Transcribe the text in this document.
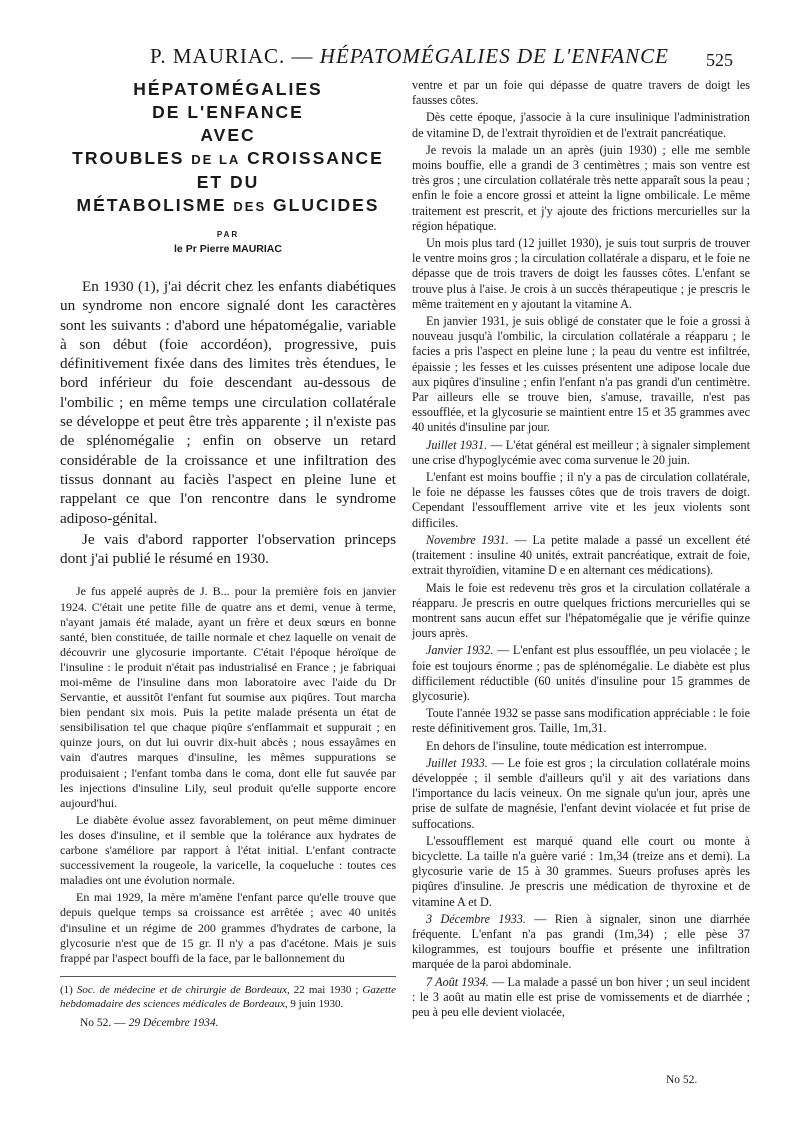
P. MAURIAC. — HÉPATOMÉGALIES DE L'ENFANCE 525
HÉPATOMÉGALIES
DE L'ENFANCE
AVEC
TROUBLES DE LA CROISSANCE
ET DU
MÉTABOLISME DES GLUCIDES
PAR
le Pr Pierre MAURIAC

En 1930 (1), j'ai décrit chez les enfants diabétiques un syndrome non encore signalé dont les caractères sont les suivants : d'abord une hépatomégalie, variable à son début (foie accordéon), progressive, puis définitivement fixée dans des limites très étendues, le bord inférieur du foie descendant au-dessous de l'ombilic ; en même temps une circulation collatérale se développe et peut être très apparente ; il n'existe pas de splénomégalie ; enfin on observe un retard considérable de la croissance et une infiltration des tissus donnant au faciès l'aspect en pleine lune et rappelant ce que l'on rencontre dans le syndrome adiposo-génital.

Je vais d'abord rapporter l'observation princeps dont j'ai publié le résumé en 1930.

Je fus appelé auprès de J. B... pour la première fois en janvier 1924. C'était une petite fille de quatre ans et demi, venue à terme, n'ayant jamais été malade, ayant un frère et deux sœurs en bonne santé, bien constituée, de taille normale et chez laquelle on venait de découvrir une glycosurie importante. C'était l'époque héroïque de l'insuline : le produit n'était pas industrialisé en France ; je fabriquai moi-même de l'insuline dans mon laboratoire avec l'aide du Dr Servantie, et aussitôt l'enfant fut soumise aux piqûres. Tout marcha bien pendant six mois. Puis la petite malade présenta un état de sensibilisation tel que chaque piqûre s'enflammait et suppurait ; en quinze jours, on dut lui ouvrir dix-huit abcès ; nous essayâmes en vain d'autres marques d'insuline, les mêmes suppurations se produisaient ; l'enfant tomba dans le coma, dont elle fut sauvée par les injections d'insuline Lily, seul produit qu'elle supporte encore aujourd'hui.

Le diabète évolue assez favorablement, on peut même diminuer les doses d'insuline, et il semble que la tolérance aux hydrates de carbone s'améliore par rapport à l'état initial. L'enfant contracte successivement la rougeole, la varicelle, la coqueluche : toutes ces maladies ont une évolution normale.

En mai 1929, la mère m'amène l'enfant parce qu'elle trouve que depuis quelque temps sa croissance est arrêtée ; avec 40 unités d'insuline et un régime de 200 grammes d'hydrates de carbone, la glycosurie n'est que de 15 gr. Il n'y a pas d'acétone. Mais je suis frappé par l'aspect bouffi de la face, par le ballonnement du

(1) Soc. de médecine et de chirurgie de Bordeaux, 22 mai 1930 ; Gazette hebdomadaire des sciences médicales de Bordeaux, 9 juin 1930.
No 52. — 29 Décembre 1934.

ventre et par un foie qui dépasse de quatre travers de doigt les fausses côtes.

Dès cette époque, j'associe à la cure insulinique l'administration de vitamine D, de l'extrait thyroïdien et de l'extrait pancréatique.

Je revois la malade un an après (juin 1930) ; elle me semble moins bouffie, elle a grandi de 3 centimètres ; mais son ventre est très gros ; une circulation collatérale très nette apparaît sous la peau ; enfin le foie a encore grossi et atteint la ligne ombilicale. Le même traitement est prescrit, et j'y ajoute des frictions mercurielles sur la région hépatique.

Un mois plus tard (12 juillet 1930), je suis tout surpris de trouver le ventre moins gros ; la circulation collatérale a disparu, et le foie ne dépasse que de trois travers de doigt les fausses côtes. L'enfant se trouve plus à l'aise. Je crois à un succès thérapeutique ; je prescris le même traitement en y ajoutant la vitamine A.

En janvier 1931, je suis obligé de constater que le foie a grossi à nouveau jusqu'à l'ombilic, la circulation collatérale a réapparu ; le facies a pris l'aspect en pleine lune ; la peau du ventre est infiltrée, épaissie ; les fesses et les cuisses présentent une adipose locale due aux piqûres d'insuline ; enfin l'enfant n'a pas grandi d'un centimètre. Par ailleurs elle se trouve bien, s'amuse, travaille, n'est pas essoufflée, et la glycosurie se maintient entre 15 et 35 grammes avec 40 unités d'insuline par jour.

Juillet 1931. — L'état général est meilleur ; à signaler simplement une crise d'hypoglycémie avec coma survenue le 20 juin.

L'enfant est moins bouffie ; il n'y a pas de circulation collatérale, le foie ne dépasse les fausses côtes que de trois travers de doigt. Cependant l'essoufflement arrive vite et les jeux violents sont difficiles.

Novembre 1931. — La petite malade a passé un excellent été (traitement : insuline 40 unités, extrait pancréatique, extrait de foie, extrait thyroïdien, vitamine D e en alternant ces médications).

Mais le foie est redevenu très gros et la circulation collatérale a réapparu. Je prescris en outre quelques frictions mercurielles qui se montrent sans aucun effet sur l'hépatomégalie que je vérifie quinze jours après.

Janvier 1932. — L'enfant est plus essoufflée, un peu violacée ; le foie est toujours énorme ; pas de splénomégalie. Le diabète est plus difficilement réductible (60 unités d'insuline pour 15 grammes de glycosurie).

Toute l'année 1932 se passe sans modification appréciable : le foie reste définitivement gros. Taille, 1m,31.

En dehors de l'insuline, toute médication est interrompue.

Juillet 1933. — Le foie est gros ; la circulation collatérale moins développée ; il semble d'ailleurs qu'il y ait des variations dans l'importance du lacis veineux. On me signale qu'un jour, après une prise de sulfate de magnésie, l'enfant devint violacée et fut prise de suffocations.

L'essoufflement est marqué quand elle court ou monte à bicyclette. La taille n'a guère varié : 1m,34 (treize ans et demi). La glycosurie varie de 15 à 30 grammes. Sueurs profuses après les piqûres d'insuline. Je prescris une médication de thyroxine et de vitamine A et D.

3 Décembre 1933. — Rien à signaler, sinon une diarrhée fréquente. L'enfant n'a pas grandi (1m,34) ; elle pèse 37 kilogrammes, est toujours bouffie et présente une infiltration marquée de la paroi abdominale.

7 Août 1934. — La malade a passé un bon hiver ; un seul incident : le 3 août au matin elle est prise de vomissements et de diarrhée ; peu à peu elle devient violacée,

No 52.
